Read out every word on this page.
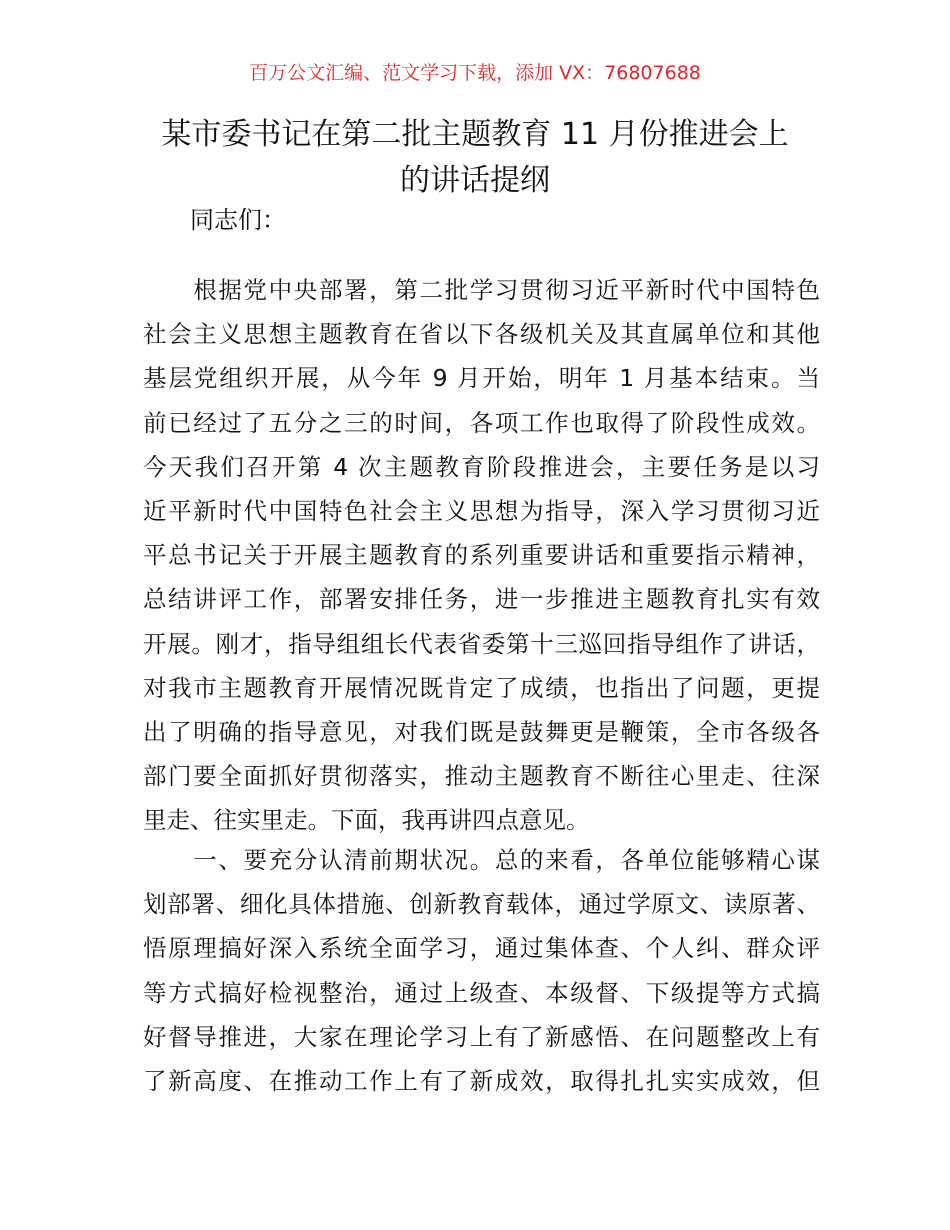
百万公文汇编、范文学习下载，添加 VX：76807688
某市委书记在第二批主题教育 11 月份推进会上
的讲话提纲
同志们：
　　根据党中央部署，第二批学习贯彻习近平新时代中国特色
社会主义思想主题教育在省以下各级机关及其直属单位和其他
基层党组织开展，从今年 9 月开始，明年 1 月基本结束。当
前已经过了五分之三的时间，各项工作也取得了阶段性成效。
今天我们召开第 4 次主题教育阶段推进会，主要任务是以习
近平新时代中国特色社会主义思想为指导，深入学习贯彻习近
平总书记关于开展主题教育的系列重要讲话和重要指示精神，
总结讲评工作，部署安排任务，进一步推进主题教育扎实有效
开展。刚才，指导组组长代表省委第十三巡回指导组作了讲话，
对我市主题教育开展情况既肯定了成绩，也指出了问题，更提
出了明确的指导意见，对我们既是鼓舞更是鞭策，全市各级各
部门要全面抓好贯彻落实，推动主题教育不断往心里走、往深
里走、往实里走。下面，我再讲四点意见。
　　一、要充分认清前期状况。总的来看，各单位能够精心谋
划部署、细化具体措施、创新教育载体，通过学原文、读原著、
悟原理搞好深入系统全面学习，通过集体查、个人纠、群众评
等方式搞好检视整治，通过上级查、本级督、下级提等方式搞
好督导推进，大家在理论学习上有了新感悟、在问题整改上有
了新高度、在推动工作上有了新成效，取得扎扎实实成效，但
